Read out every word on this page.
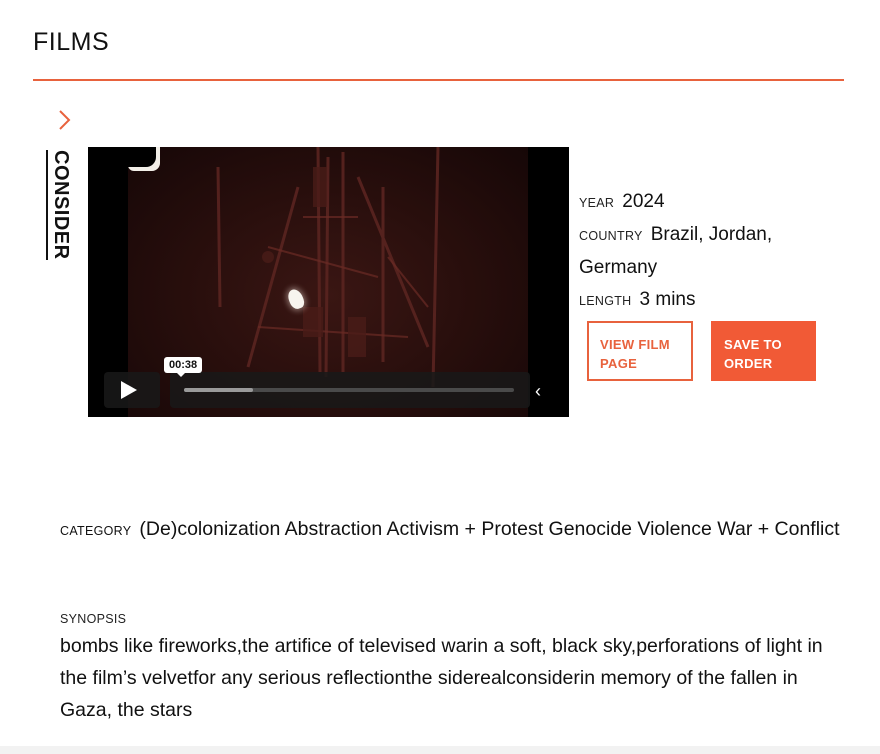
FILMS
CONSIDER
00:38
‹
YEAR 2024
COUNTRY Brazil, Jordan, Germany
LENGTH 3 mins
VIEW FILM PAGE
SAVE TO ORDER
CATEGORY (De)colonization Abstraction Activism + Protest Genocide Violence War + Conflict
SYNOPSIS
bombs like fireworks,the artifice of televised warin a soft, black sky,perforations of light in the film’s velvetfor any serious reflectionthe siderealconsiderin memory of the fallen in Gaza, the stars
